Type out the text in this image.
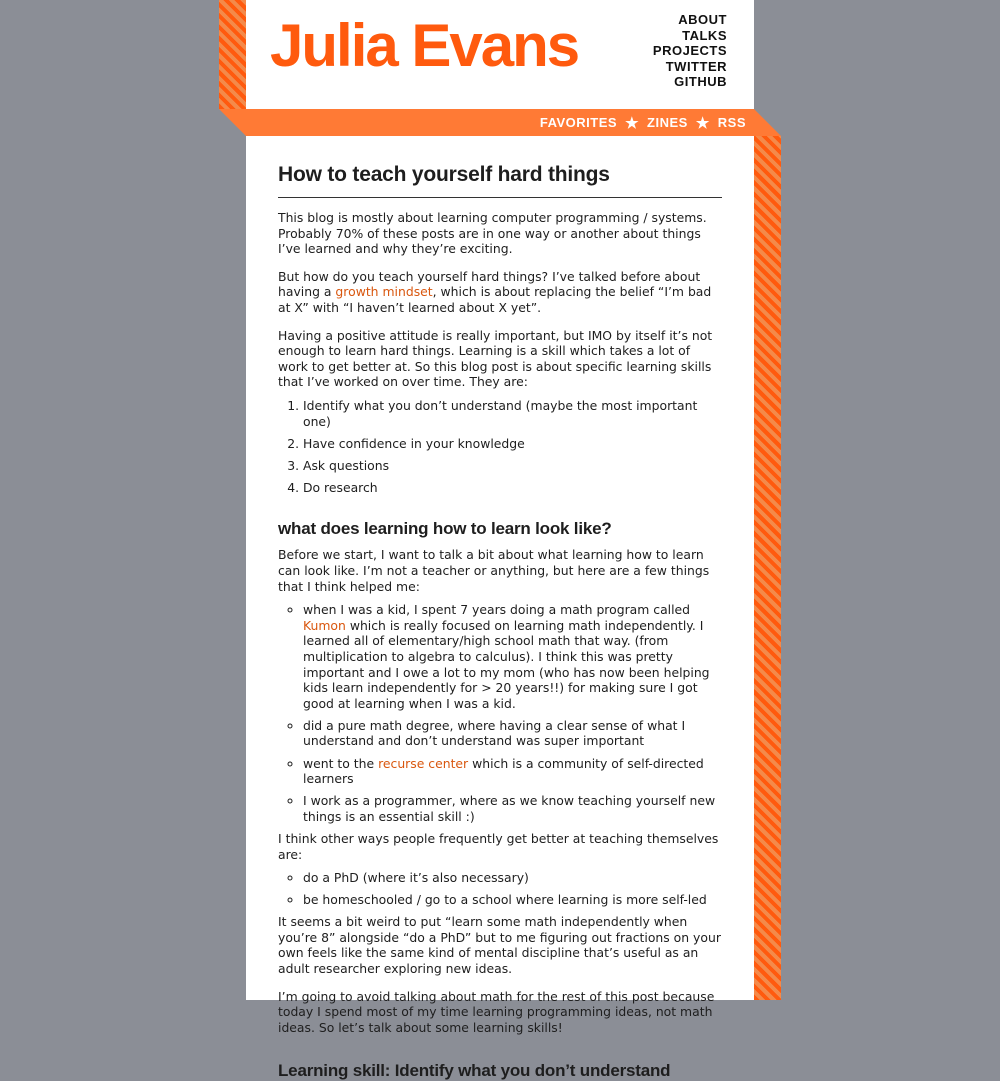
Julia Evans	ABOUT
TALKS
PROJECTS
TWITTER
GITHUB
FAVORITES ★ ZINES ★ RSS
How to teach yourself hard things

This blog is mostly about learning computer programming / systems. Probably 70% of these posts are in one way or another about things I’ve learned and why they’re exciting.

But how do you teach yourself hard things? I’ve talked before about having a growth mindset, which is about replacing the belief “I’m bad at X” with “I haven’t learned about X yet”.

Having a positive attitude is really important, but IMO by itself it’s not enough to learn hard things. Learning is a skill which takes a lot of work to get better at. So this blog post is about specific learning skills that I’ve worked on over time. They are:

1. Identify what you don’t understand (maybe the most important one)
2. Have confidence in your knowledge
3. Ask questions
4. Do research
what does learning how to learn look like?

Before we start, I want to talk a bit about what learning how to learn can look like. I’m not a teacher or anything, but here are a few things that I think helped me:

◦ when I was a kid, I spent 7 years doing a math program called Kumon which is really focused on learning math independently. I learned all of elementary/high school math that way. (from multiplication to algebra to calculus). I think this was pretty important and I owe a lot to my mom (who has now been helping kids learn independently for > 20 years!!) for making sure I got good at learning when I was a kid.
◦ did a pure math degree, where having a clear sense of what I understand and don’t understand was super important
◦ went to the recurse center which is a community of self-directed learners
◦ I work as a programmer, where as we know teaching yourself new things is an essential skill :)

I think other ways people frequently get better at teaching themselves are:

◦ do a PhD (where it’s also necessary)
◦ be homeschooled / go to a school where learning is more self-led

It seems a bit weird to put “learn some math independently when you’re 8” alongside “do a PhD” but to me figuring out fractions on your own feels like the same kind of mental discipline that’s useful as an adult researcher exploring new ideas.

I’m going to avoid talking about math for the rest of this post because today I spend most of my time learning programming ideas, not math ideas. So let’s talk about some learning skills!

Learning skill: Identify what you don’t understand
